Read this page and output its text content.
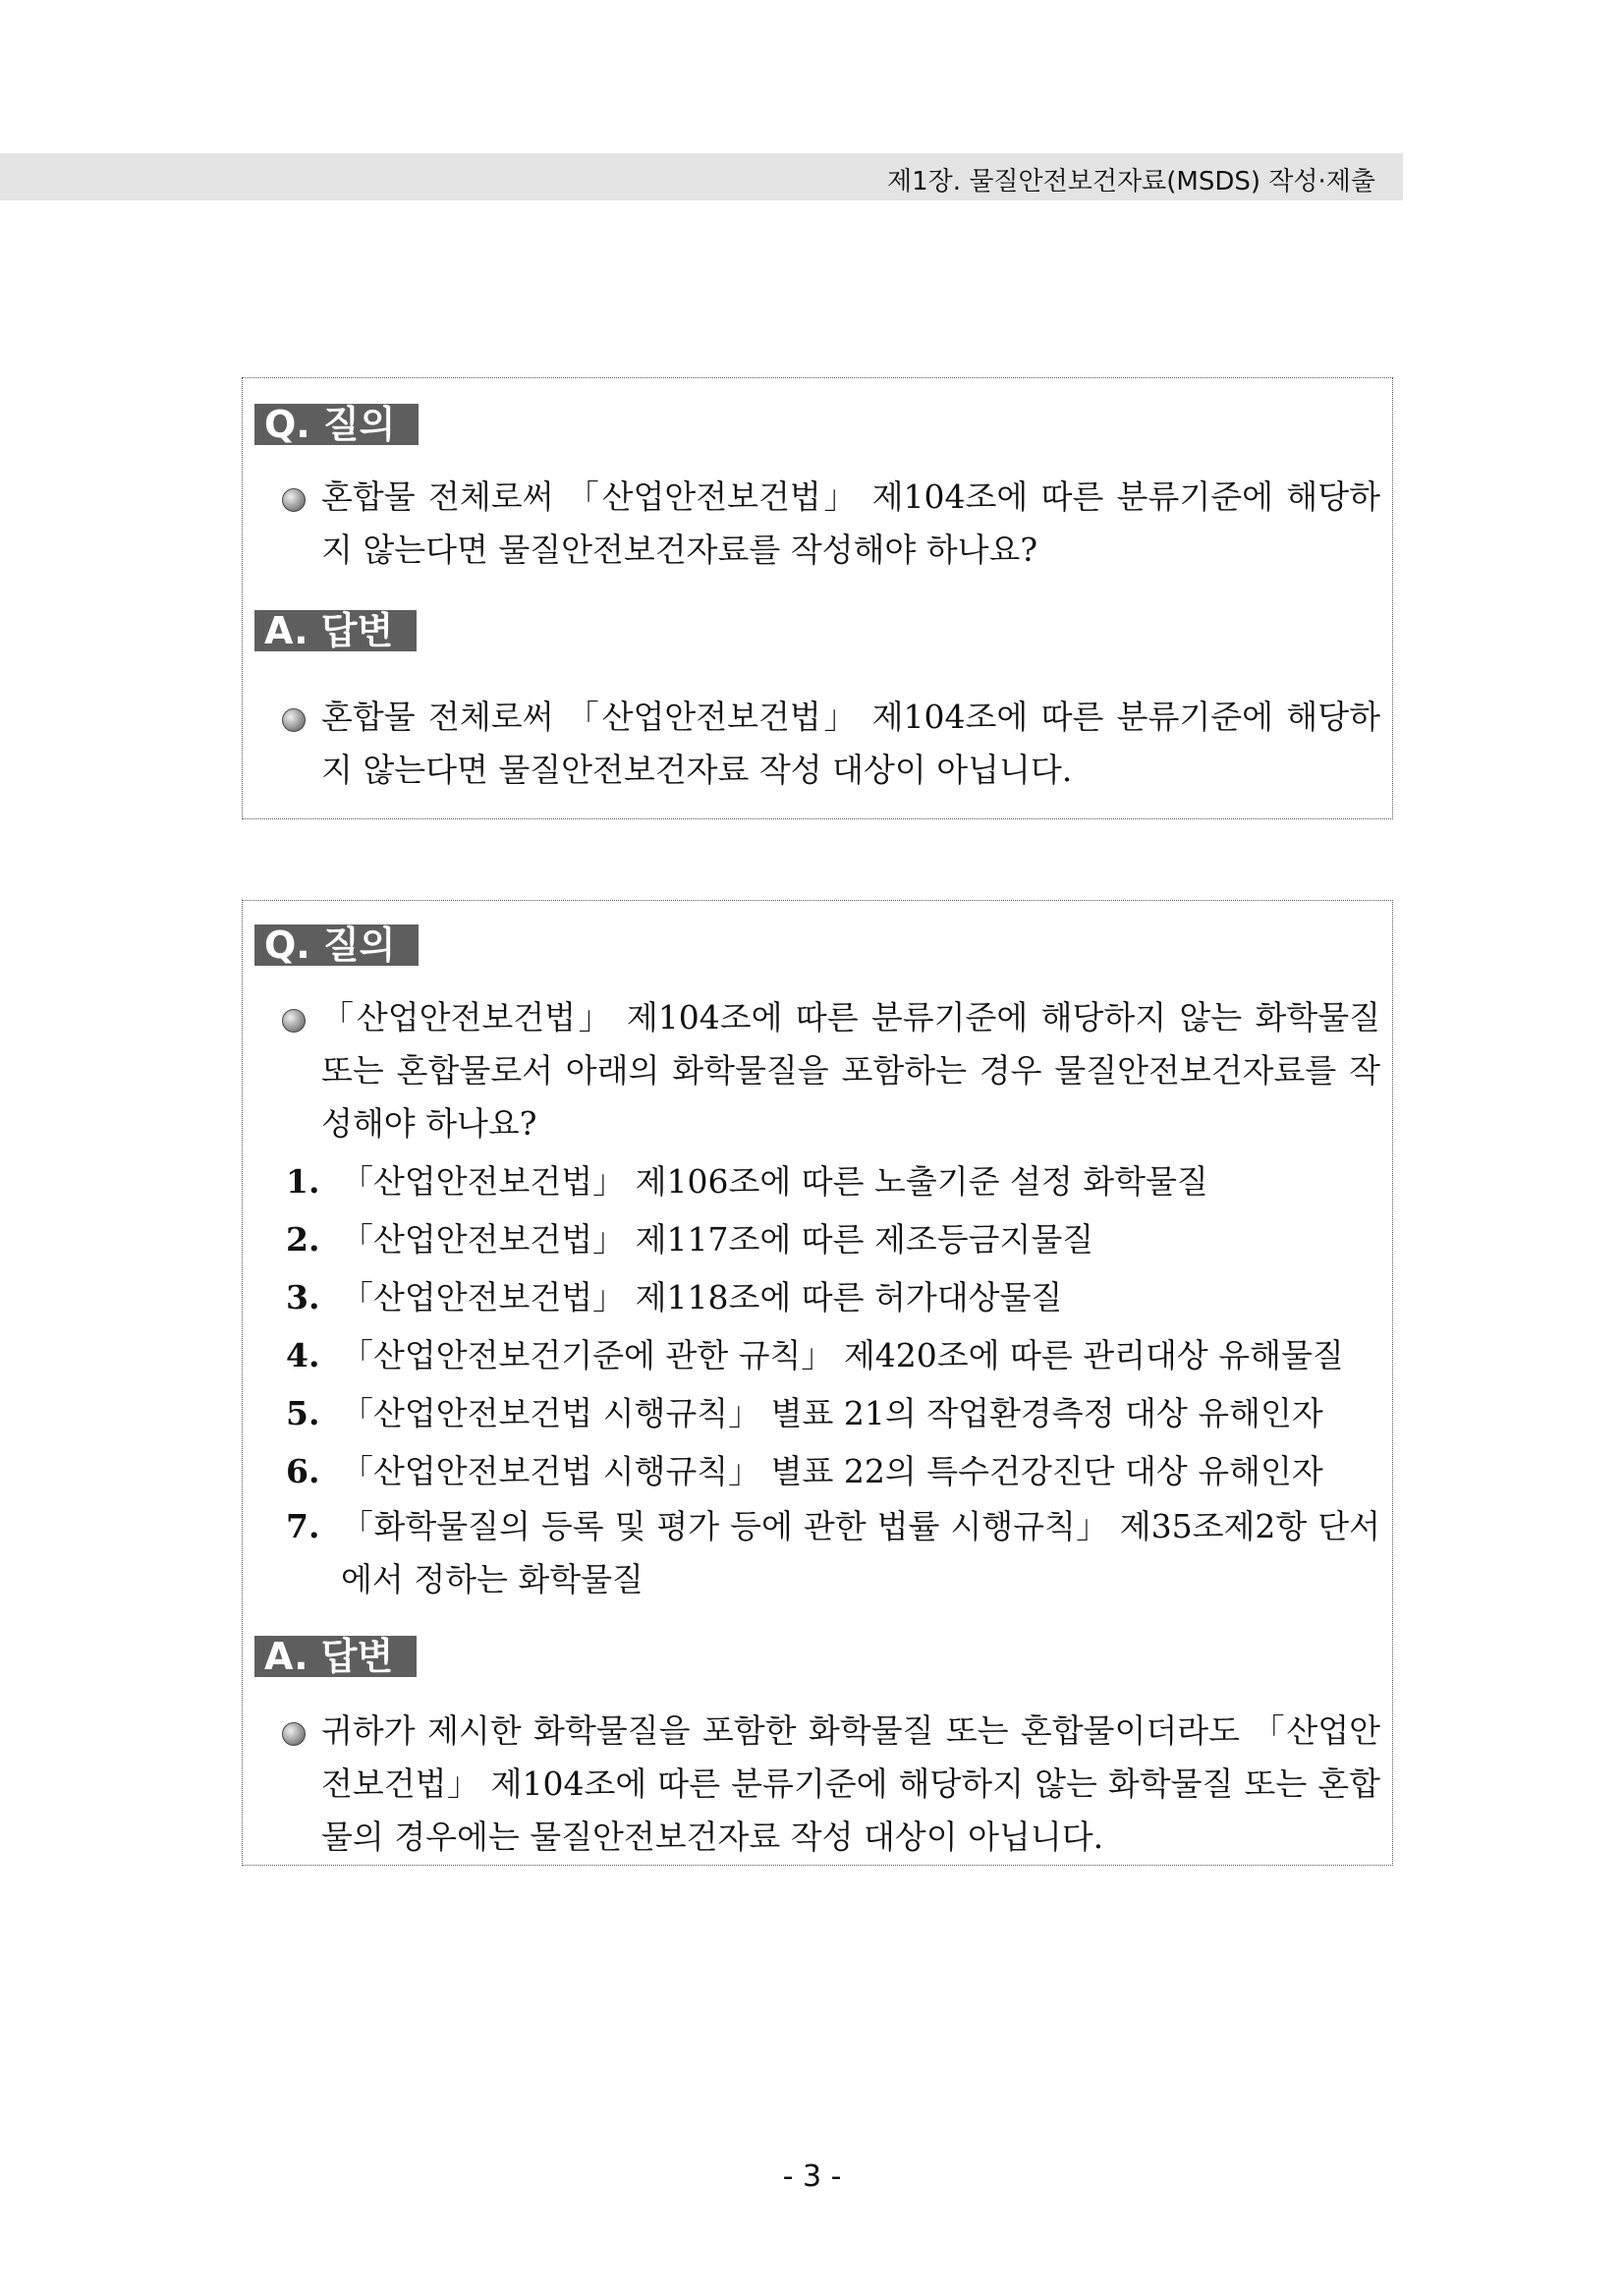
제1장. 물질안전보건자료(MSDS) 작성·제출
Q. 질의
혼합물 전체로써 「산업안전보건법」 제104조에 따른 분류기준에 해당하지 않는다면 물질안전보건자료를 작성해야 하나요?
A. 답변
혼합물 전체로써 「산업안전보건법」 제104조에 따른 분류기준에 해당하지 않는다면 물질안전보건자료 작성 대상이 아닙니다.
Q. 질의
「산업안전보건법」 제104조에 따른 분류기준에 해당하지 않는 화학물질 또는 혼합물로서 아래의 화학물질을 포함하는 경우 물질안전보건자료를 작성해야 하나요?
1. 「산업안전보건법」 제106조에 따른 노출기준 설정 화학물질
2. 「산업안전보건법」 제117조에 따른 제조등금지물질
3. 「산업안전보건법」 제118조에 따른 허가대상물질
4. 「산업안전보건기준에 관한 규칙」 제420조에 따른 관리대상 유해물질
5. 「산업안전보건법 시행규칙」 별표 21의 작업환경측정 대상 유해인자
6. 「산업안전보건법 시행규칙」 별표 22의 특수건강진단 대상 유해인자
7. 「화학물질의 등록 및 평가 등에 관한 법률 시행규칙」 제35조제2항 단서에서 정하는 화학물질
A. 답변
귀하가 제시한 화학물질을 포함한 화학물질 또는 혼합물이더라도 「산업안전보건법」 제104조에 따른 분류기준에 해당하지 않는 화학물질 또는 혼합물의 경우에는 물질안전보건자료 작성 대상이 아닙니다.
- 3 -
